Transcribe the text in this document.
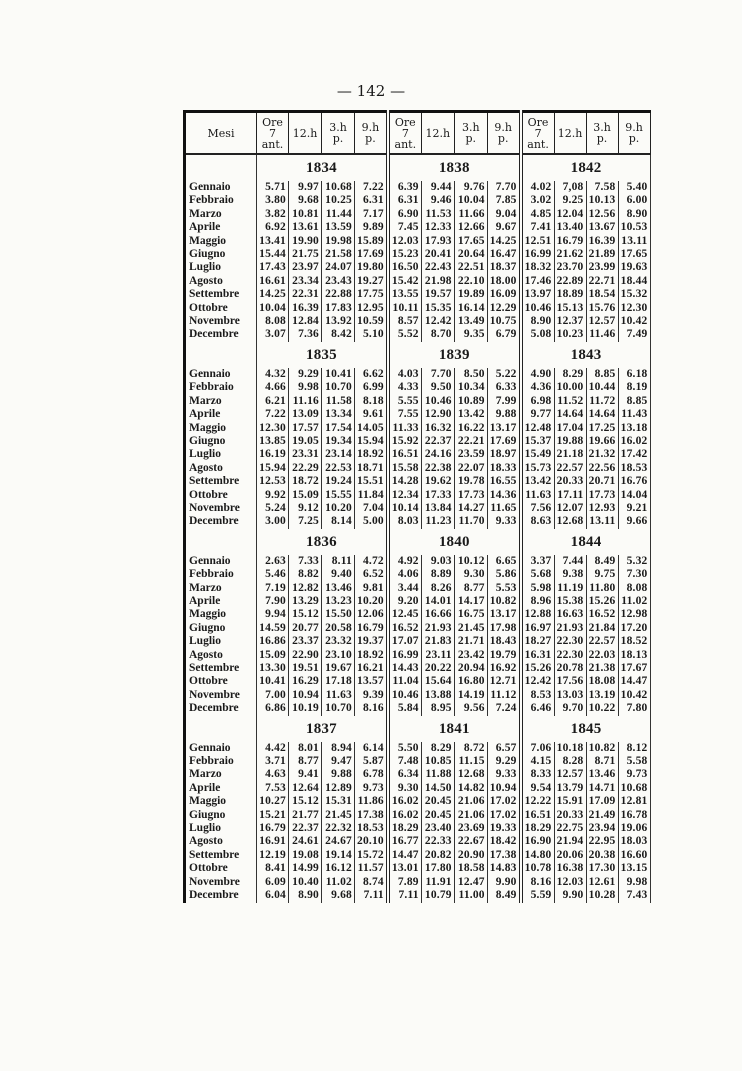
— 142 —
Mesi	Ore 7 ant.	12.h	3.h p.	9.h p.	Ore 7 ant.	12.h	3.h p.	9.h p.	Ore 7 ant.	12.h	3.h p.	9.h p.
	1834				1838				1842			
Gennaio	5.71	9.97	10.68	7.22	6.39	9.44	9.76	7.70	4.02	7,08	7.58	5.40
Febbraio	3.80	9.68	10.25	6.31	6.31	9.46	10.04	7.85	3.02	9.25	10.13	6.00
Marzo	3.82	10.81	11.44	7.17	6.90	11.53	11.66	9.04	4.85	12.04	12.56	8.90
Aprile	6.92	13.61	13.59	9.89	7.45	12.33	12.66	9.67	7.41	13.40	13.67	10.53
Maggio	13.41	19.90	19.98	15.89	12.03	17.93	17.65	14.25	12.51	16.79	16.39	13.11
Giugno	15.44	21.75	21.58	17.69	15.23	20.41	20.64	16.47	16.99	21.62	21.89	17.65
Luglio	17.43	23.97	24.07	19.80	16.50	22.43	22.51	18.37	18.32	23.70	23.99	19.63
Agosto	16.61	23.34	23.43	19.27	15.42	21.98	22.10	18.00	17.46	22.89	22.71	18.44
Settembre	14.25	22.31	22.88	17.75	13.55	19.57	19.89	16.09	13.97	18.89	18.54	15.32
Ottobre	10.04	16.39	17.83	12.95	10.11	15.35	16.14	12.29	10.46	15.13	15.76	12.30
Novembre	8.08	12.84	13.92	10.59	8.57	12.42	13.49	10.75	8.90	12.37	12.57	10.42
Decembre	3.07	7.36	8.42	5.10	5.52	8.70	9.35	6.79	5.08	10.23	11.46	7.49
	1835				1839				1843			
Gennaio	4.32	9.29	10.41	6.62	4.03	7.70	8.50	5.22	4.90	8.29	8.85	6.18
Febbraio	4.66	9.98	10.70	6.99	4.33	9.50	10.34	6.33	4.36	10.00	10.44	8.19
Marzo	6.21	11.16	11.58	8.18	5.55	10.46	10.89	7.99	6.98	11.52	11.72	8.85
Aprile	7.22	13.09	13.34	9.61	7.55	12.90	13.42	9.88	9.77	14.64	14.64	11.43
Maggio	12.30	17.57	17.54	14.05	11.33	16.32	16.22	13.17	12.48	17.04	17.25	13.18
Giugno	13.85	19.05	19.34	15.94	15.92	22.37	22.21	17.69	15.37	19.88	19.66	16.02
Luglio	16.19	23.31	23.14	18.92	16.51	24.16	23.59	18.97	15.49	21.18	21.32	17.42
Agosto	15.94	22.29	22.53	18.71	15.58	22.38	22.07	18.33	15.73	22.57	22.56	18.53
Settembre	12.53	18.72	19.24	15.51	14.28	19.62	19.78	16.55	13.42	20.33	20.71	16.76
Ottobre	9.92	15.09	15.55	11.84	12.34	17.33	17.73	14.36	11.63	17.11	17.73	14.04
Novembre	5.24	9.12	10.20	7.04	10.14	13.84	14.27	11.65	7.56	12.07	12.93	9.21
Decembre	3.00	7.25	8.14	5.00	8.03	11.23	11.70	9.33	8.63	12.68	13.11	9.66
	1836				1840				1844			
Gennaio	2.63	7.33	8.11	4.72	4.92	9.03	10.12	6.65	3.37	7.44	8.49	5.32
Febbraio	5.46	8.82	9.40	6.52	4.06	8.89	9.30	5.86	5.68	9.38	9.75	7.30
Marzo	7.19	12.82	13.46	9.81	3.44	8.26	8.77	5.53	5.98	11.19	11.80	8.08
Aprile	7.90	13.29	13.23	10.20	9.20	14.01	14.17	10.82	8.96	15.38	15.26	11.02
Maggio	9.94	15.12	15.50	12.06	12.45	16.66	16.75	13.17	12.88	16.63	16.52	12.98
Giugno	14.59	20.77	20.58	16.79	16.52	21.93	21.45	17.98	16.97	21.93	21.84	17.20
Luglio	16.86	23.37	23.32	19.37	17.07	21.83	21.71	18.43	18.27	22.30	22.57	18.52
Agosto	15.09	22.90	23.10	18.92	16.99	23.11	23.42	19.79	16.31	22.30	22.03	18.13
Settembre	13.30	19.51	19.67	16.21	14.43	20.22	20.94	16.92	15.26	20.78	21.38	17.67
Ottobre	10.41	16.29	17.18	13.57	11.04	15.64	16.80	12.71	12.42	17.56	18.08	14.47
Novembre	7.00	10.94	11.63	9.39	10.46	13.88	14.19	11.12	8.53	13.03	13.19	10.42
Decembre	6.86	10.19	10.70	8.16	5.84	8.95	9.56	7.24	6.46	9.70	10.22	7.80
	1837				1841				1845			
Gennaio	4.42	8.01	8.94	6.14	5.50	8.29	8.72	6.57	7.06	10.18	10.82	8.12
Febbraio	3.71	8.77	9.47	5.87	7.48	10.85	11.15	9.29	4.15	8.28	8.71	5.58
Marzo	4.63	9.41	9.88	6.78	6.34	11.88	12.68	9.33	8.33	12.57	13.46	9.73
Aprile	7.53	12.64	12.89	9.73	9.30	14.50	14.82	10.94	9.54	13.79	14.71	10.68
Maggio	10.27	15.12	15.31	11.86	16.02	20.45	21.06	17.02	12.22	15.91	17.09	12.81
Giugno	15.21	21.77	21.45	17.38	16.02	20.45	21.06	17.02	16.51	20.33	21.49	16.78
Luglio	16.79	22.37	22.32	18.53	18.29	23.40	23.69	19.33	18.29	22.75	23.94	19.06
Agosto	16.91	24.61	24.67	20.10	16.77	22.33	22.67	18.42	16.90	21.94	22.95	18.03
Settembre	12.19	19.08	19.14	15.72	14.47	20.82	20.90	17.38	14.80	20.06	20.38	16.60
Ottobre	8.41	14.99	16.12	11.57	13.01	17.80	18.58	14.83	10.78	16.38	17.30	13.15
Novembre	6.09	10.40	11.02	8.74	7.89	11.91	12.47	9.90	8.16	12.03	12.61	9.98
Decembre	6.04	8.90	9.68	7.11	7.11	10.79	11.00	8.49	5.59	9.90	10.28	7.43
